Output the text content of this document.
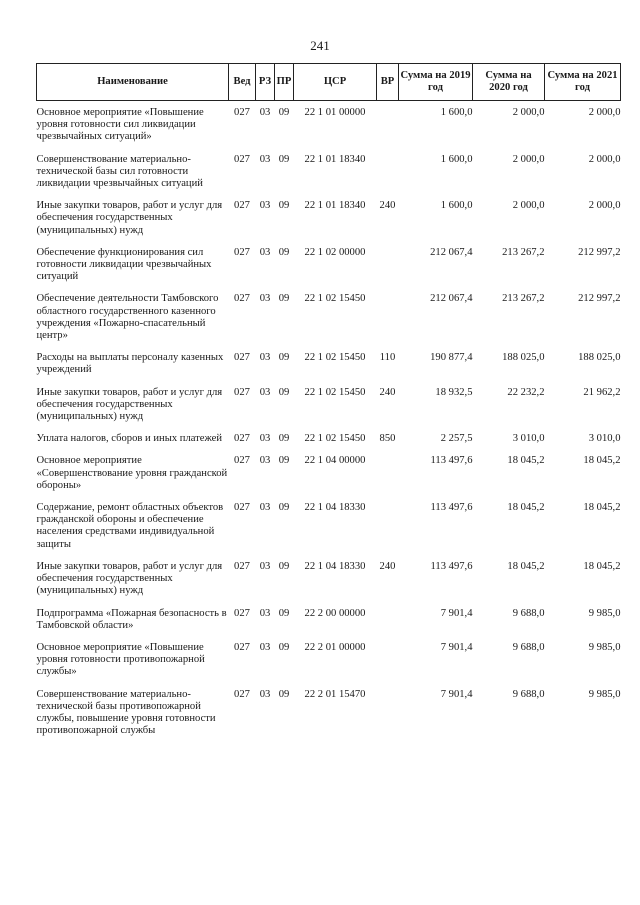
241
Наименование	Вед	РЗ	ПР	ЦСР	ВР	Сумма на 2019 год	Сумма на 2020 год	Сумма на 2021 год
Основное мероприятие «Повышение уровня готовности сил ликвидации чрезвычайных ситуаций»	027	03	09	22 1 01 00000		1 600,0	2 000,0	2 000,0
Совершенствование материально-технической базы сил готовности ликвидации чрезвычайных ситуаций	027	03	09	22 1 01 18340		1 600,0	2 000,0	2 000,0
Иные закупки товаров, работ и услуг для обеспечения государственных (муниципальных) нужд	027	03	09	22 1 01 18340	240	1 600,0	2 000,0	2 000,0
Обеспечение функционирования сил готовности ликвидации чрезвычайных ситуаций	027	03	09	22 1 02 00000		212 067,4	213 267,2	212 997,2
Обеспечение деятельности Тамбовского областного государственного казенного учреждения «Пожарно-спасательный центр»	027	03	09	22 1 02 15450		212 067,4	213 267,2	212 997,2
Расходы на выплаты персоналу казенных учреждений	027	03	09	22 1 02 15450	110	190 877,4	188 025,0	188 025,0
Иные закупки товаров, работ и услуг для обеспечения государственных (муниципальных) нужд	027	03	09	22 1 02 15450	240	18 932,5	22 232,2	21 962,2
Уплата налогов, сборов и иных платежей	027	03	09	22 1 02 15450	850	2 257,5	3 010,0	3 010,0
Основное мероприятие «Совершенствование уровня гражданской обороны»	027	03	09	22 1 04 00000		113 497,6	18 045,2	18 045,2
Содержание, ремонт областных объектов гражданской обороны и обеспечение населения средствами индивидуальной защиты	027	03	09	22 1 04 18330		113 497,6	18 045,2	18 045,2
Иные закупки товаров, работ и услуг для обеспечения государственных (муниципальных) нужд	027	03	09	22 1 04 18330	240	113 497,6	18 045,2	18 045,2
Подпрограмма «Пожарная безопасность в Тамбовской области»	027	03	09	22 2 00 00000		7 901,4	9 688,0	9 985,0
Основное мероприятие «Повышение уровня готовности противопожарной службы»	027	03	09	22 2 01 00000		7 901,4	9 688,0	9 985,0
Совершенствование материально-технической базы противопожарной службы, повышение уровня готовности противопожарной службы	027	03	09	22 2 01 15470		7 901,4	9 688,0	9 985,0
